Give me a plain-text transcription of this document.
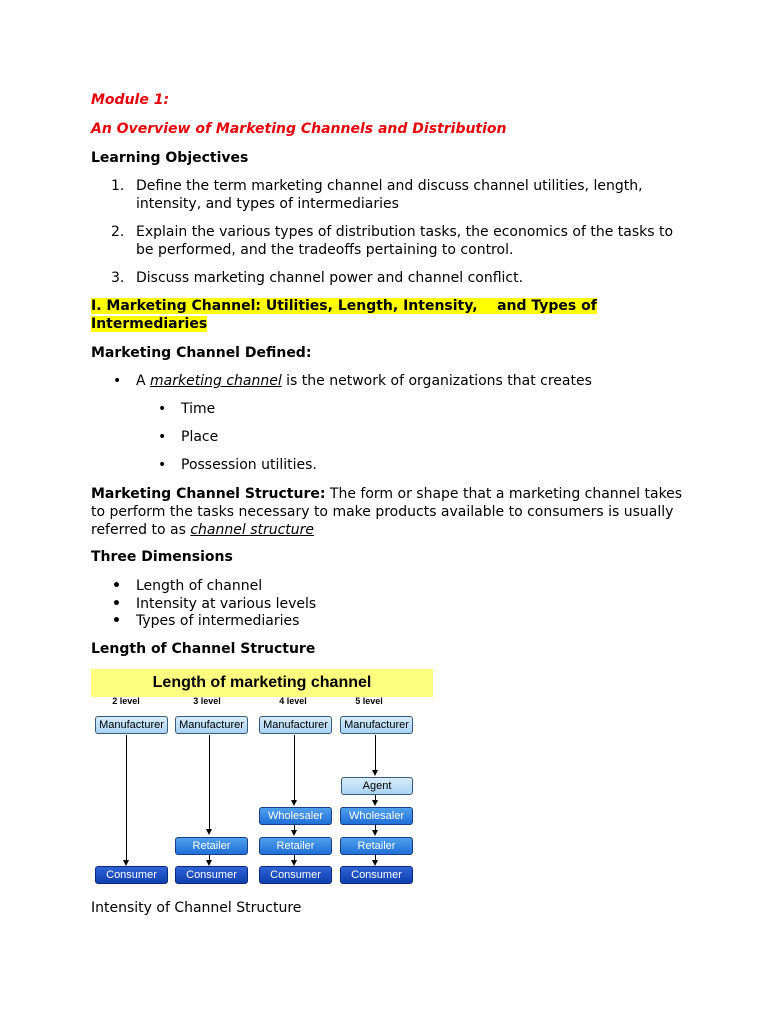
Module 1:
An Overview of Marketing Channels and Distribution
Learning Objectives
1. Define the term marketing channel and discuss channel utilities, length,
intensity, and types of intermediaries
2. Explain the various types of distribution tasks, the economics of the tasks to
be performed, and the tradeoffs pertaining to control.
3. Discuss marketing channel power and channel conflict.
I. Marketing Channel: Utilities, Length, Intensity,    and Types of
Intermediaries
Marketing Channel Defined:
• A marketing channel is the network of organizations that creates
• Time
• Place
• Possession utilities.
Marketing Channel Structure: The form or shape that a marketing channel takes
to perform the tasks necessary to make products available to consumers is usually
referred to as channel structure
Three Dimensions
• Length of channel
• Intensity at various levels
• Types of intermediaries
Length of Channel Structure
Length of marketing channel
2 level	3 level	4 level	5 level
Manufacturer	Manufacturer	Manufacturer	Manufacturer
Agent
Wholesaler	Wholesaler
Retailer	Retailer	Retailer
Consumer	Consumer	Consumer	Consumer
Intensity of Channel Structure
